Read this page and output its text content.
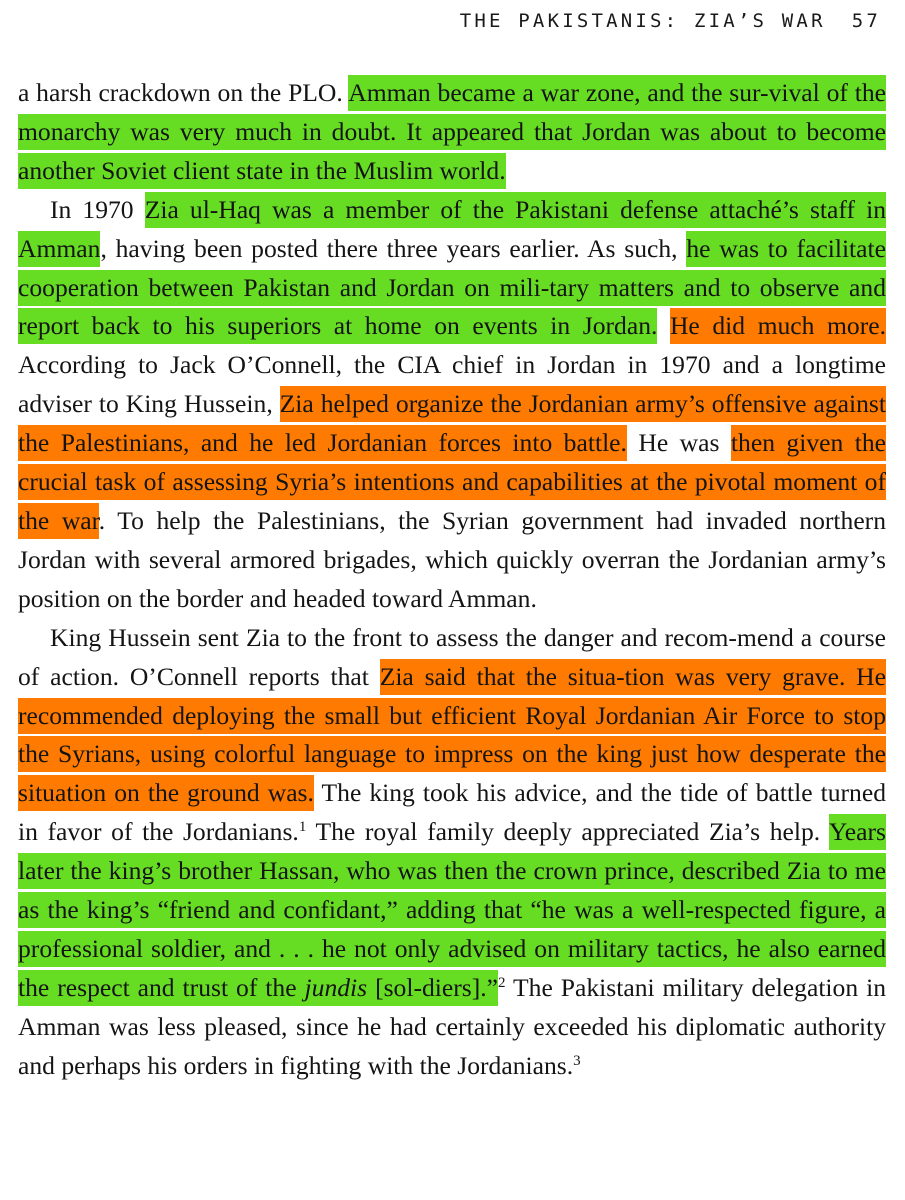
THE PAKISTANIS: ZIA’S WAR 57

a harsh crackdown on the PLO. Amman became a war zone, and the sur-vival of the monarchy was very much in doubt. It appeared that Jordan was about to become another Soviet client state in the Muslim world.

In 1970 Zia ul-Haq was a member of the Pakistani defense attaché’s staff in Amman, having been posted there three years earlier. As such, he was to facilitate cooperation between Pakistan and Jordan on mili-tary matters and to observe and report back to his superiors at home on events in Jordan. He did much more. According to Jack O’Connell, the CIA chief in Jordan in 1970 and a longtime adviser to King Hussein, Zia helped organize the Jordanian army’s offensive against the Palestinians, and he led Jordanian forces into battle. He was then given the crucial task of assessing Syria’s intentions and capabilities at the pivotal moment of the war. To help the Palestinians, the Syrian government had invaded northern Jordan with several armored brigades, which quickly overran the Jordanian army’s position on the border and headed toward Amman.

King Hussein sent Zia to the front to assess the danger and recom-mend a course of action. O’Connell reports that Zia said that the situa-tion was very grave. He recommended deploying the small but efficient Royal Jordanian Air Force to stop the Syrians, using colorful language to impress on the king just how desperate the situation on the ground was. The king took his advice, and the tide of battle turned in favor of the Jordanians.$^1$ The royal family deeply appreciated Zia’s help. Years later the king’s brother Hassan, who was then the crown prince, described Zia to me as the king’s “friend and confidant,” adding that “he was a well-respected figure, a professional soldier, and . . . he not only advised on military tactics, he also earned the respect and trust of the jundis [sol-diers].”$^2$ The Pakistani military delegation in Amman was less pleased, since he had certainly exceeded his diplomatic authority and perhaps his orders in fighting with the Jordanians.$^3$
